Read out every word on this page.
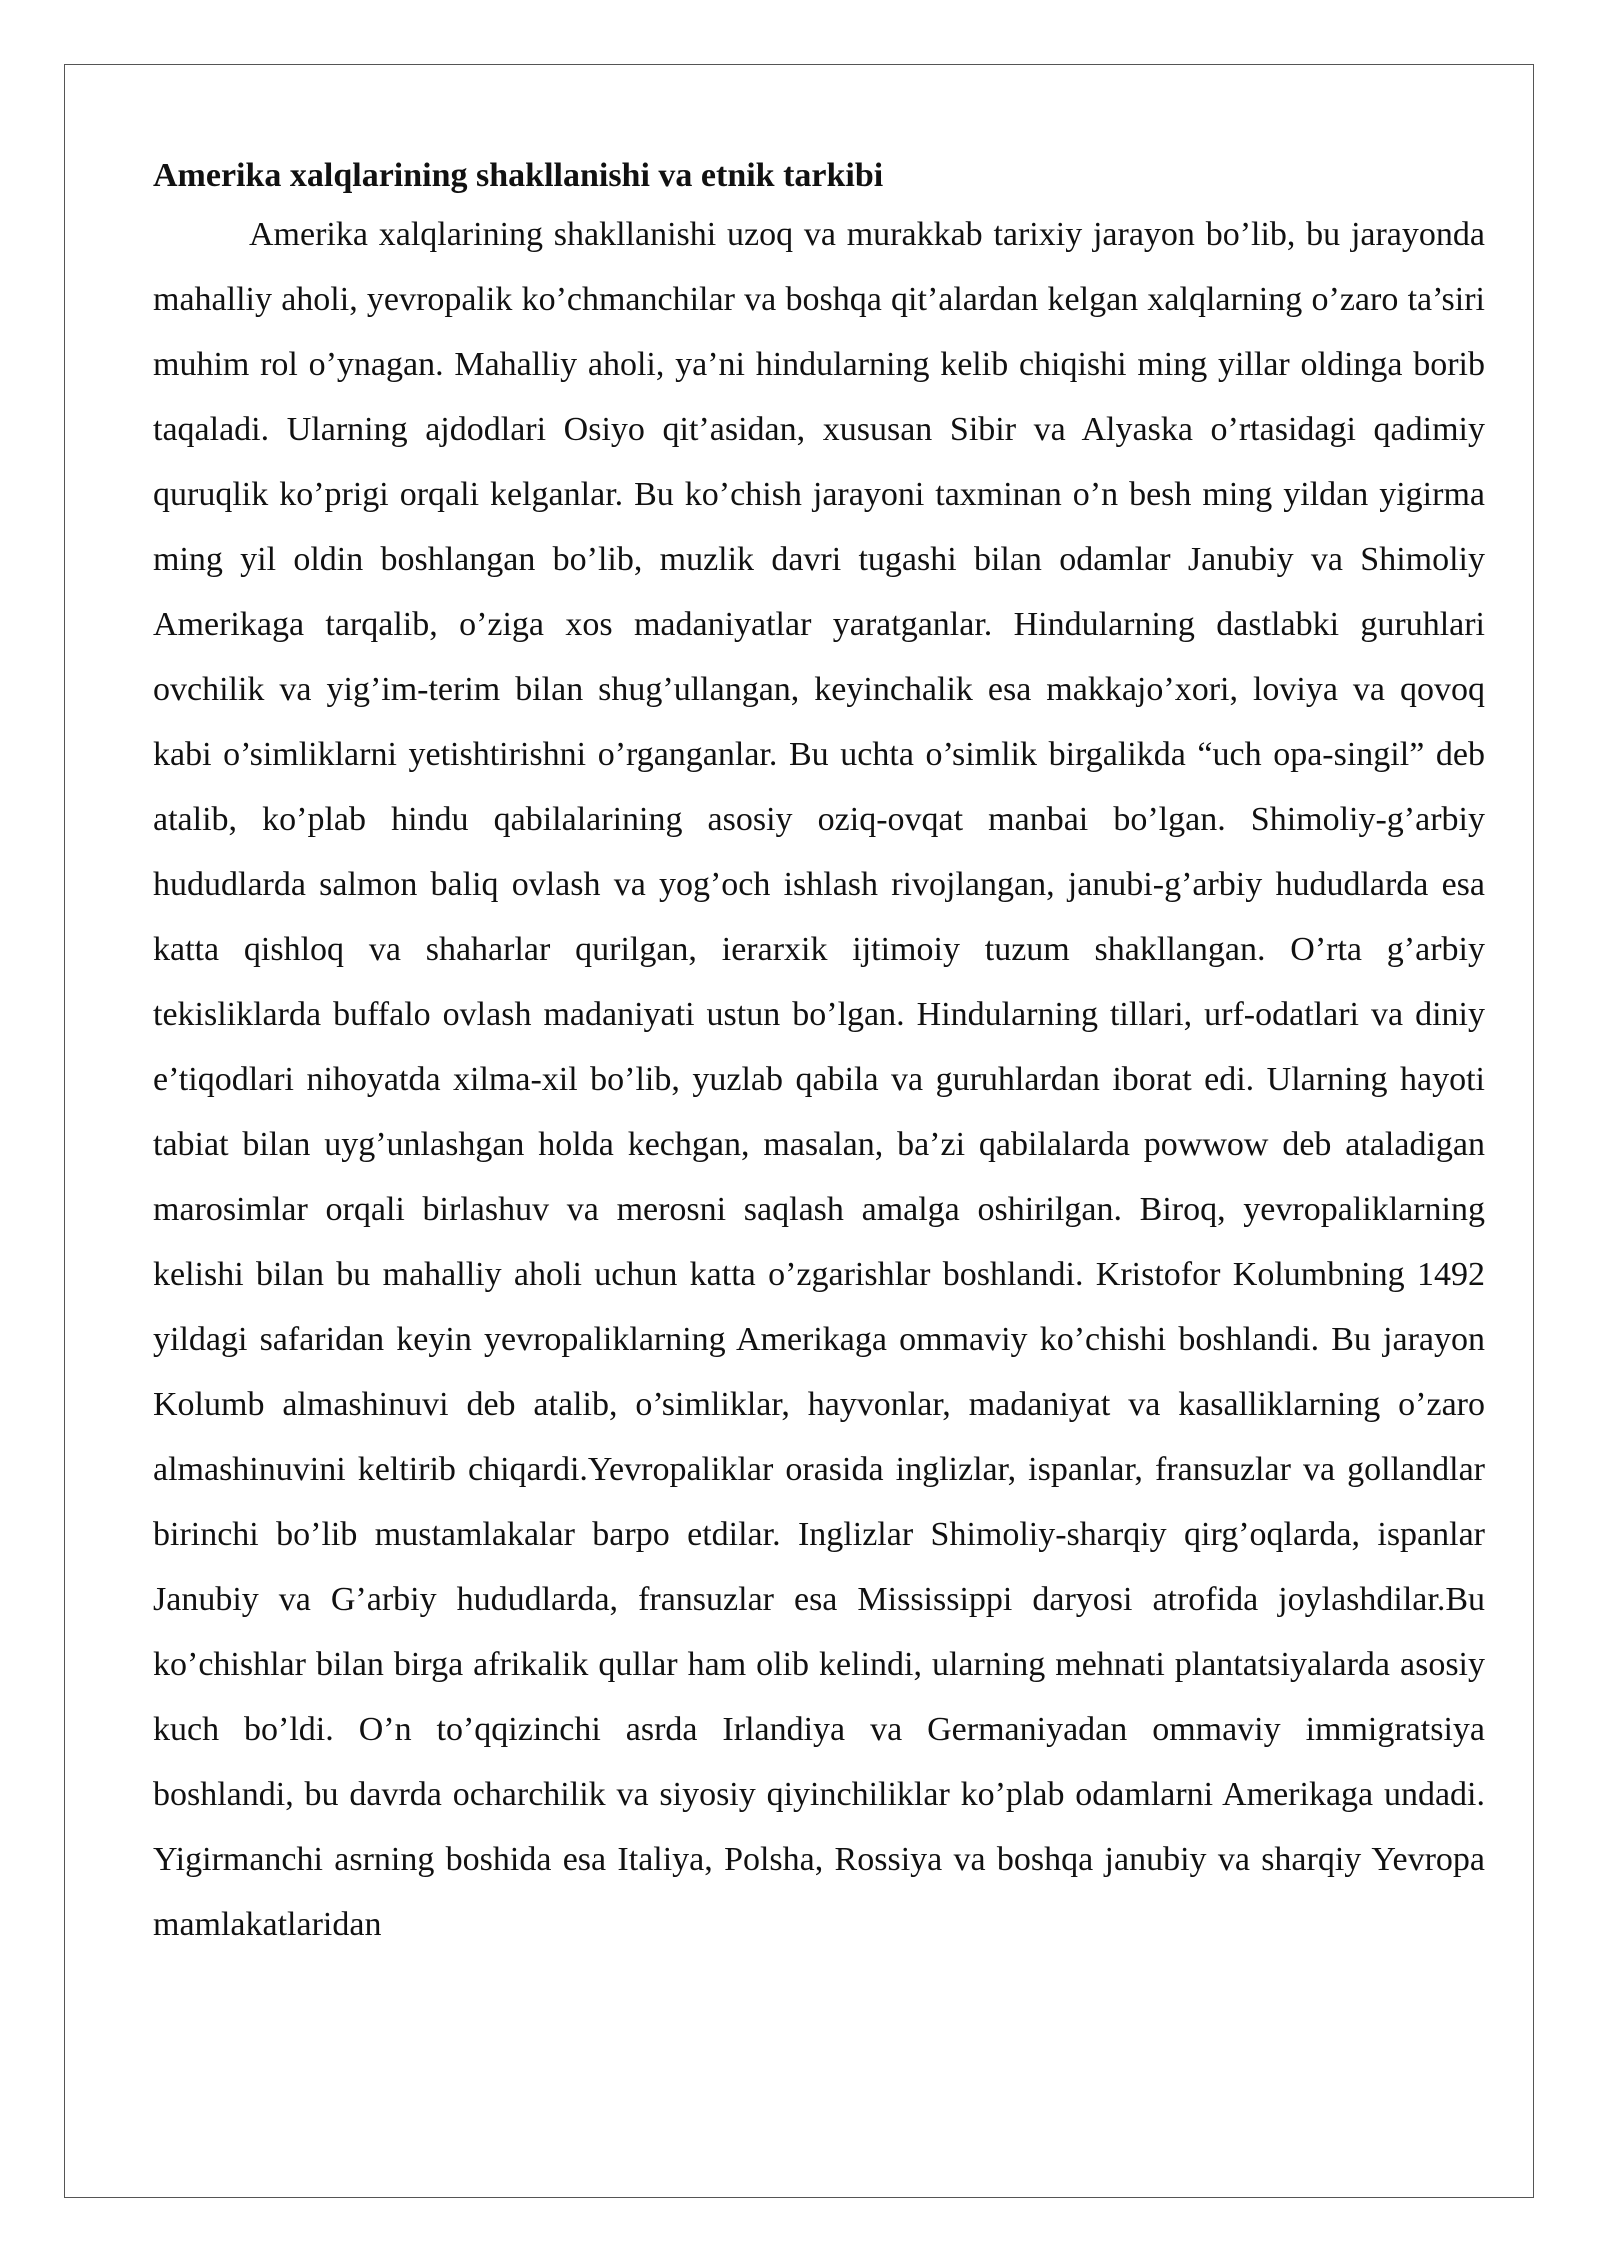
Amerika xalqlarining shakllanishi va etnik tarkibi

Amerika xalqlarining shakllanishi uzoq va murakkab tarixiy jarayon bo’lib, bu jarayonda mahalliy aholi, yevropalik ko’chmanchilar va boshqa qit’alardan kelgan xalqlarning o’zaro ta’siri muhim rol o’ynagan. Mahalliy aholi, ya’ni hindularning kelib chiqishi ming yillar oldinga borib taqaladi. Ularning ajdodlari Osiyo qit’asidan, xususan Sibir va Alyaska o’rtasidagi qadimiy quruqlik ko’prigi orqali kelganlar. Bu ko’chish jarayoni taxminan o’n besh ming yildan yigirma ming yil oldin boshlangan bo’lib, muzlik davri tugashi bilan odamlar Janubiy va Shimoliy Amerikaga tarqalib, o’ziga xos madaniyatlar yaratganlar. Hindularning dastlabki guruhlari ovchilik va yig’im-terim bilan shug’ullangan, keyinchalik esa makkajo’xori, loviya va qovoq kabi o’simliklarni yetishtirishni o’rganganlar. Bu uchta o’simlik birgalikda “uch opa-singil” deb atalib, ko’plab hindu qabilalarining asosiy oziq-ovqat manbai bo’lgan. Shimoliy-g’arbiy hududlarda salmon baliq ovlash va yog’och ishlash rivojlangan, janubi-g’arbiy hududlarda esa katta qishloq va shaharlar qurilgan, ierarxik ijtimoiy tuzum shakllangan. O’rta g’arbiy tekisliklarda buffalo ovlash madaniyati ustun bo’lgan. Hindularning tillari, urf-odatlari va diniy e’tiqodlari nihoyatda xilma-xil bo’lib, yuzlab qabila va guruhlardan iborat edi. Ularning hayoti tabiat bilan uyg’unlashgan holda kechgan, masalan, ba’zi qabilalarda powwow deb ataladigan marosimlar orqali birlashuv va merosni saqlash amalga oshirilgan. Biroq, yevropaliklarning kelishi bilan bu mahalliy aholi uchun katta o’zgarishlar boshlandi. Kristofor Kolumbning 1492 yildagi safaridan keyin yevropaliklarning Amerikaga ommaviy ko’chishi boshlandi. Bu jarayon Kolumb almashinuvi deb atalib, o’simliklar, hayvonlar, madaniyat va kasalliklarning o’zaro almashinuvini keltirib chiqardi.Yevropaliklar orasida inglizlar, ispanlar, fransuzlar va gollandlar birinchi bo’lib mustamlakalar barpo etdilar. Inglizlar Shimoliy-sharqiy qirg’oqlarda, ispanlar Janubiy va G’arbiy hududlarda, fransuzlar esa Mississippi daryosi atrofida joylashdilar.Bu ko’chishlar bilan birga afrikalik qullar ham olib kelindi, ularning mehnati plantatsiyalarda asosiy kuch bo’ldi. O’n to’qqizinchi asrda Irlandiya va Germaniyadan ommaviy immigratsiya boshlandi, bu davrda ocharchilik va siyosiy qiyinchiliklar ko’plab odamlarni Amerikaga undadi. Yigirmanchi asrning boshida esa Italiya, Polsha, Rossiya va boshqa janubiy va sharqiy Yevropa mamlakatlaridan
